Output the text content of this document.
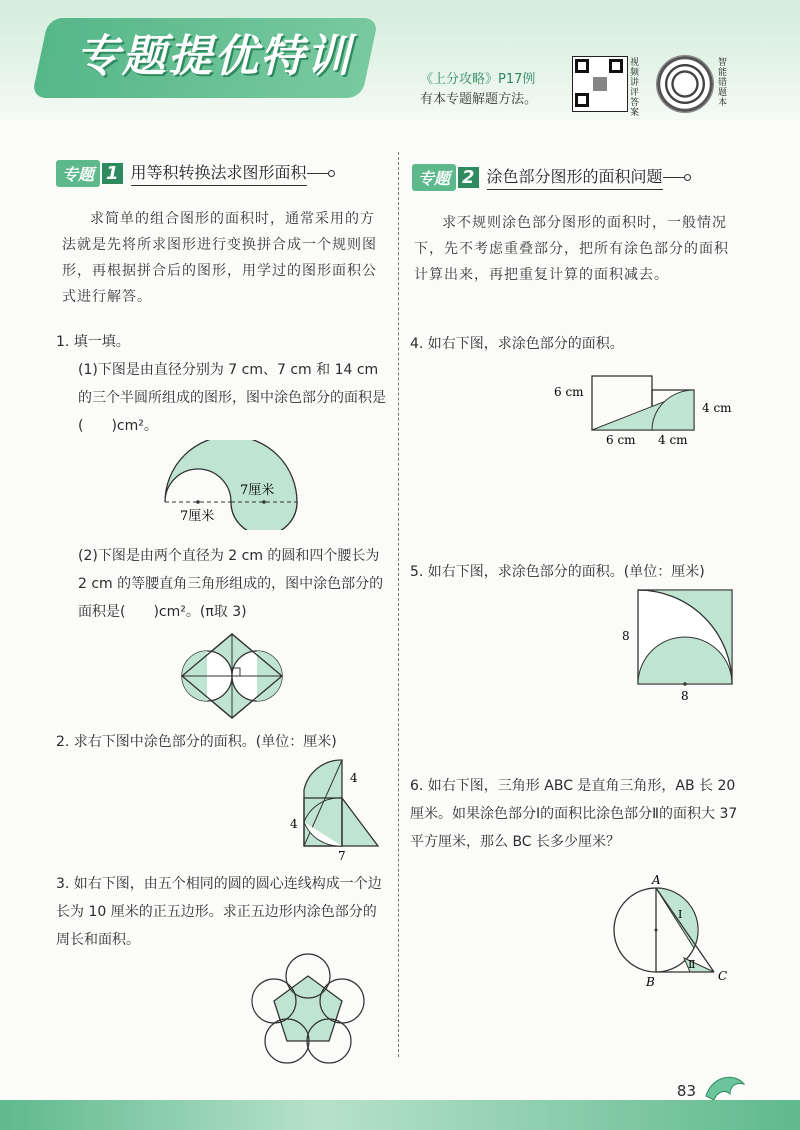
专题提优特训	《上分攻略》P17例
有本专题解题方法。
视频讲评答案
智能错题本
专题 1 用等积转换法求图形面积
求简单的组合图形的面积时，通常采用的方法就是先将所求图形进行变换拼合成一个规则图形，再根据拼合后的图形，用学过的图形面积公式进行解答。
1. 填一填。
(1)下图是由直径分别为 7 cm、7 cm 和 14 cm 的三个半圆所组成的图形，图中涂色部分的面积是(　　)cm²。
7厘米
7厘米
(2)下图是由两个直径为 2 cm 的圆和四个腰长为 2 cm 的等腰直角三角形组成的，图中涂色部分的面积是(　　)cm²。(π取 3)
2. 求右下图中涂色部分的面积。(单位：厘米)
4
4
7
3. 如右下图，由五个相同的圆的圆心连线构成一个边长为 10 厘米的正五边形。求正五边形内涂色部分的周长和面积。
专题 2 涂色部分图形的面积问题
求不规则涂色部分图形的面积时，一般情况下，先不考虑重叠部分，把所有涂色部分的面积计算出来，再把重复计算的面积减去。
4. 如右下图，求涂色部分的面积。
6 cm
4 cm
6 cm 4 cm
5. 如右下图，求涂色部分的面积。(单位：厘米)
8
8
6. 如右下图，三角形 ABC 是直角三角形，AB 长 20 厘米。如果涂色部分Ⅰ的面积比涂色部分Ⅱ的面积大 37 平方厘米，那么 BC 长多少厘米？
A
B	C
Ⅰ
Ⅱ
83
